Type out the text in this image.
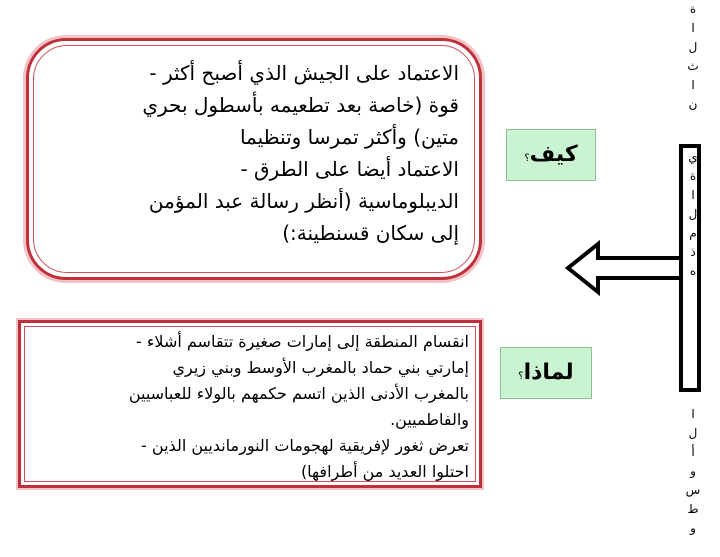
الاعتماد على الجيش الذي أصبح أكثر -
قوة (خاصة بعد تطعيمه بأسطول بحري
متين) وأكثر تمرسا وتنظيما
الاعتماد أيضا على الطرق -
الديبلوماسية (أنظر رسالة عبد المؤمن
إلى سكان قسنطينة:)
انقسام المنطقة إلى إمارات صغيرة تتقاسم أشلاء -
إمارتي بني حماد بالمغرب الأوسط وبني زيري
بالمغرب الأدنى الذين اتسم حكمهم بالولاء للعباسيين
والفاطميين.
تعرض ثغور لإفريقية لهجومات النورمانديين الذين -
احتلوا العديد من أطرافها)
كيف؟
لماذا؟
ة
ا
ل
ث
ا
ن
ي
ة
ا
ل
م
ذ
ه
ا
ل
أ
و
س
ط
و
